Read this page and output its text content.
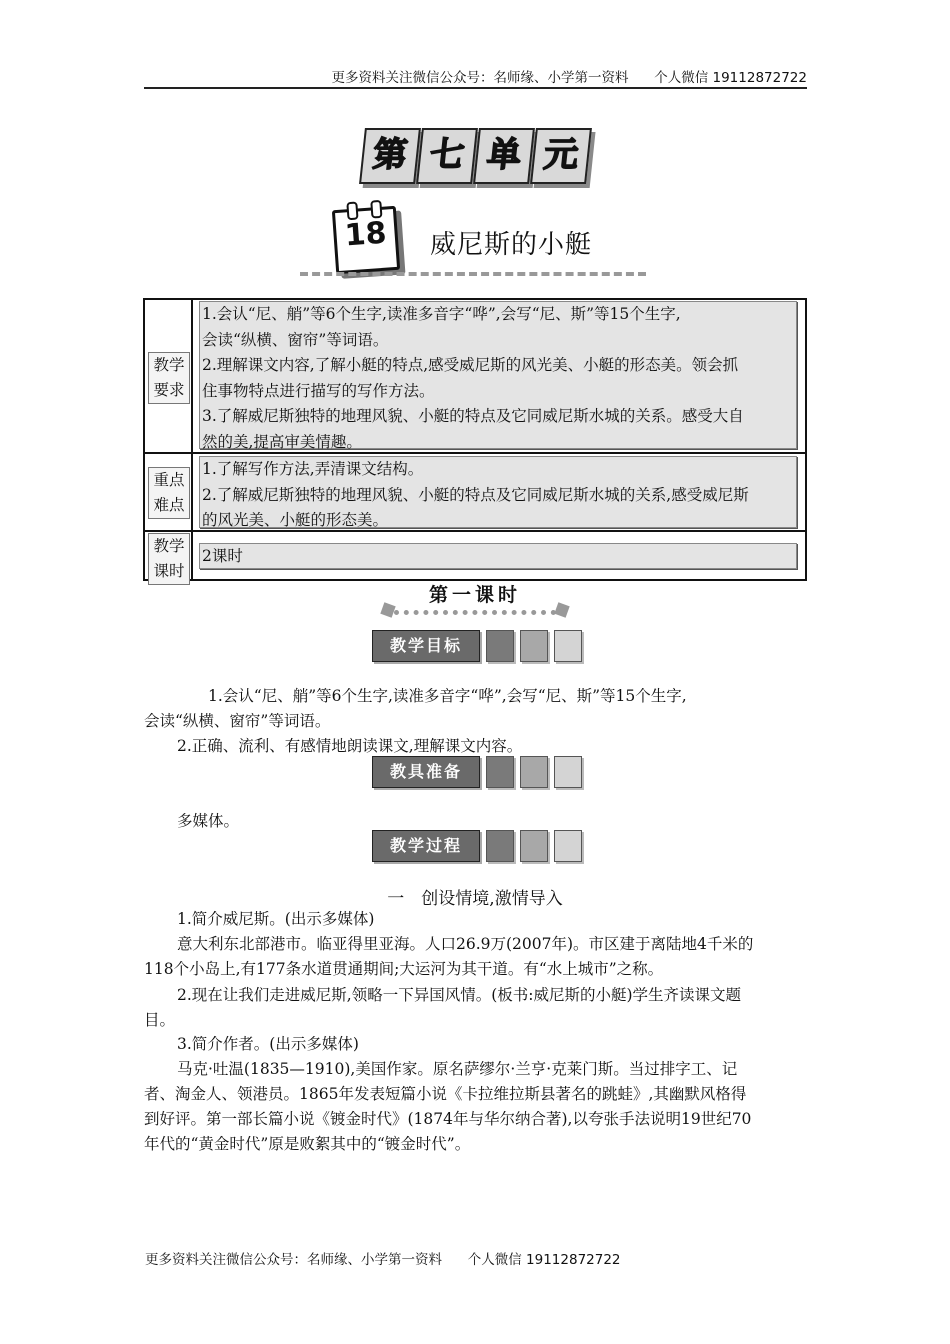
更多资料关注微信公众号：名师缘、小学第一资料      个人微信 19112872722
第 七 单 元
18	威尼斯的小艇
教学
要求

1.会认“尼、艄”等6个生字,读准多音字“哗”,会写“尼、斯”等15个生字,

会读“纵横、窗帘”等词语。

2.理解课文内容,了解小艇的特点,感受威尼斯的风光美、小艇的形态美。领会抓

住事物特点进行描写的写作方法。

3.了解威尼斯独特的地理风貌、小艇的特点及它同威尼斯水城的关系。感受大自

然的美,提高审美情趣。

重点
难点

1.了解写作方法,弄清课文结构。

2.了解威尼斯独特的地理风貌、小艇的特点及它同威尼斯水城的关系,感受威尼斯

的风光美、小艇的形态美。

教学
课时

2课时

第一课时
教学目标

1.会认“尼、艄”等6个生字,读准多音字“哗”,会写“尼、斯”等15个生字,

会读“纵横、窗帘”等词语。

2.正确、流利、有感情地朗读课文,理解课文内容。

教具准备

多媒体。

教学过程
一　创设情境,激情导入

1.简介威尼斯。(出示多媒体)

意大利东北部港市。临亚得里亚海。人口26.9万(2007年)。市区建于离陆地4千米的

118个小岛上,有177条水道贯通期间;大运河为其干道。有“水上城市”之称。

2.现在让我们走进威尼斯,领略一下异国风情。(板书:威尼斯的小艇)学生齐读课文题

目。

3.简介作者。(出示多媒体)

马克·吐温(1835—1910),美国作家。原名萨缪尔·兰亨·克莱门斯。当过排字工、记

者、淘金人、领港员。1865年发表短篇小说《卡拉维拉斯县著名的跳蛙》,其幽默风格得

到好评。第一部长篇小说《镀金时代》(1874年与华尔纳合著),以夸张手法说明19世纪70

年代的“黄金时代”原是败絮其中的“镀金时代”。

更多资料关注微信公众号：名师缘、小学第一资料      个人微信 19112872722
